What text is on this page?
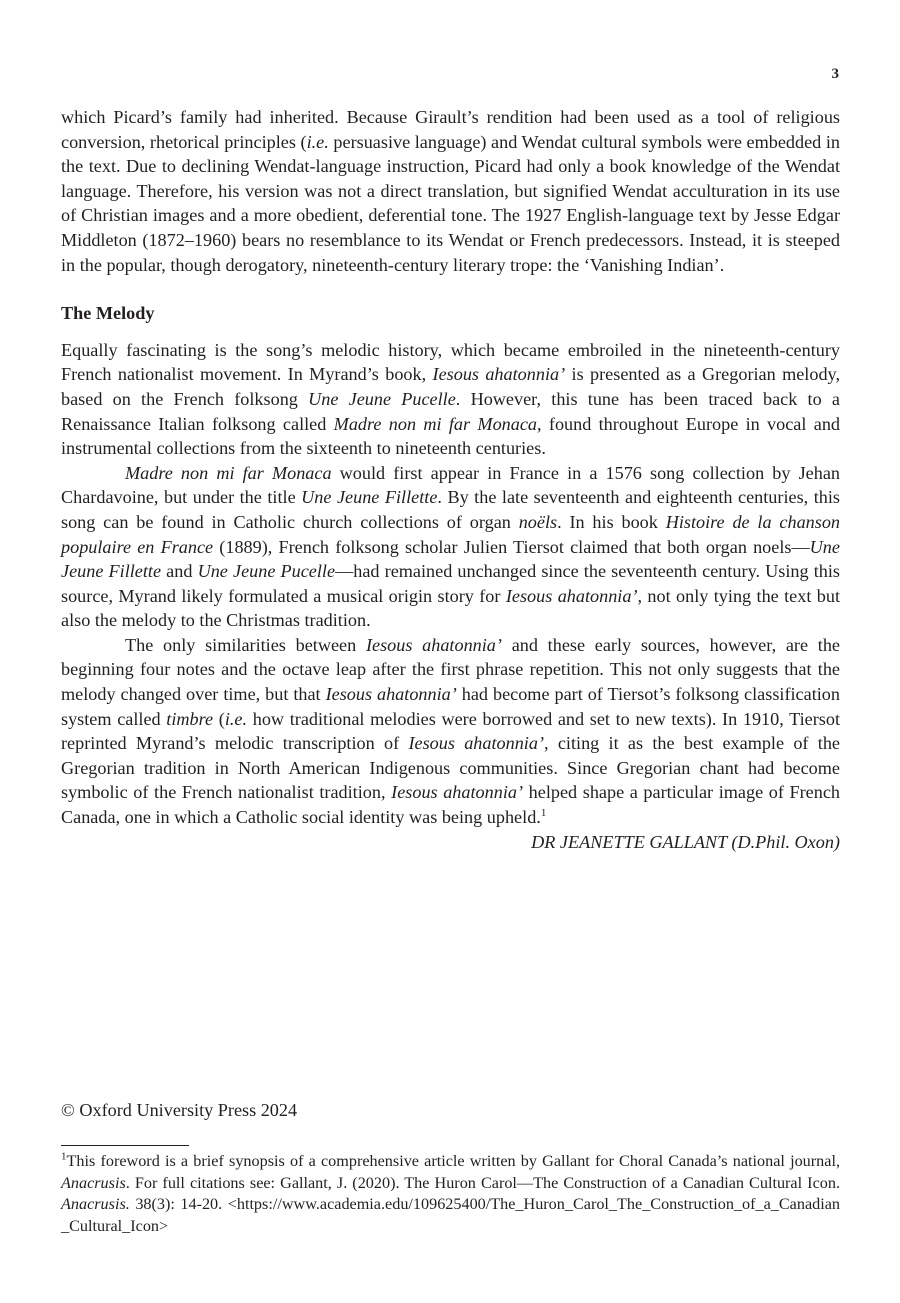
3

which Picard’s family had inherited. Because Girault’s rendition had been used as a tool of religious conversion, rhetorical principles (i.e. persuasive language) and Wendat cultural symbols were embedded in the text. Due to declining Wendat-language instruction, Picard had only a book knowledge of the Wendat language. Therefore, his version was not a direct translation, but signified Wendat acculturation in its use of Christian images and a more obedient, deferential tone. The 1927 English-language text by Jesse Edgar Middleton (1872–1960) bears no resemblance to its Wendat or French predecessors. Instead, it is steeped in the popular, though derogatory, nineteenth-century literary trope: the ‘Vanishing Indian’.

The Melody

Equally fascinating is the song’s melodic history, which became embroiled in the nineteenth-century French nationalist movement. In Myrand’s book, Iesous ahatonnia’ is presented as a Gregorian melody, based on the French folksong Une Jeune Pucelle. However, this tune has been traced back to a Renaissance Italian folksong called Madre non mi far Monaca, found throughout Europe in vocal and instrumental collections from the sixteenth to nineteenth centuries.

Madre non mi far Monaca would first appear in France in a 1576 song collection by Jehan Chardavoine, but under the title Une Jeune Fillette. By the late seventeenth and eighteenth centuries, this song can be found in Catholic church collections of organ noëls. In his book Histoire de la chanson populaire en France (1889), French folksong scholar Julien Tiersot claimed that both organ noels—Une Jeune Fillette and Une Jeune Pucelle—had remained unchanged since the seventeenth century. Using this source, Myrand likely formulated a musical origin story for Iesous ahatonnia’, not only tying the text but also the melody to the Christmas tradition.

The only similarities between Iesous ahatonnia’ and these early sources, however, are the beginning four notes and the octave leap after the first phrase repetition. This not only suggests that the melody changed over time, but that Iesous ahatonnia’ had become part of Tiersot’s folksong classification system called timbre (i.e. how traditional melodies were borrowed and set to new texts). In 1910, Tiersot reprinted Myrand’s melodic transcription of Iesous ahatonnia’, citing it as the best example of the Gregorian tradition in North American Indigenous communities. Since Gregorian chant had become symbolic of the French nationalist tradition, Iesous ahatonnia’ helped shape a particular image of French Canada, one in which a Catholic social identity was being upheld.$^1$

DR JEANETTE GALLANT (D.Phil. Oxon)

© Oxford University Press 2024
$^1$This foreword is a brief synopsis of a comprehensive article written by Gallant for Choral Canada’s national journal, Anacrusis. For full citations see: Gallant, J. (2020). The Huron Carol—The Construction of a Canadian Cultural Icon. Anacrusis. 38(3): 14-20. <https://www.academia.edu/109625400/The_Huron_Carol_The_Construction_of_a_Canadian_Cultural_Icon>
